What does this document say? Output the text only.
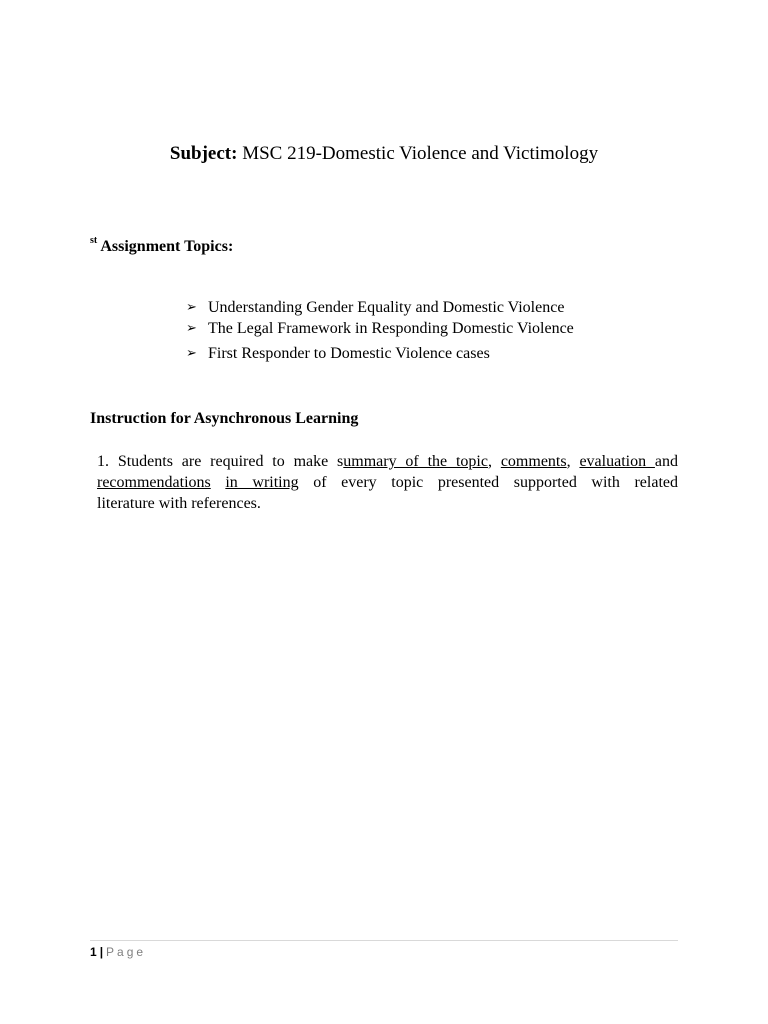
Subject: MSC 219-Domestic Violence and Victimology
$^{st}$ Assignment Topics:
➢ Understanding Gender Equality and Domestic Violence
➢ The Legal Framework in Responding Domestic Violence
➢ First Responder to Domestic Violence cases
Instruction for Asynchronous Learning
1. Students are required to make summary of the topic, comments, evaluation and
recommendations in writing of every topic presented supported with related
literature with references.
1 | Page
